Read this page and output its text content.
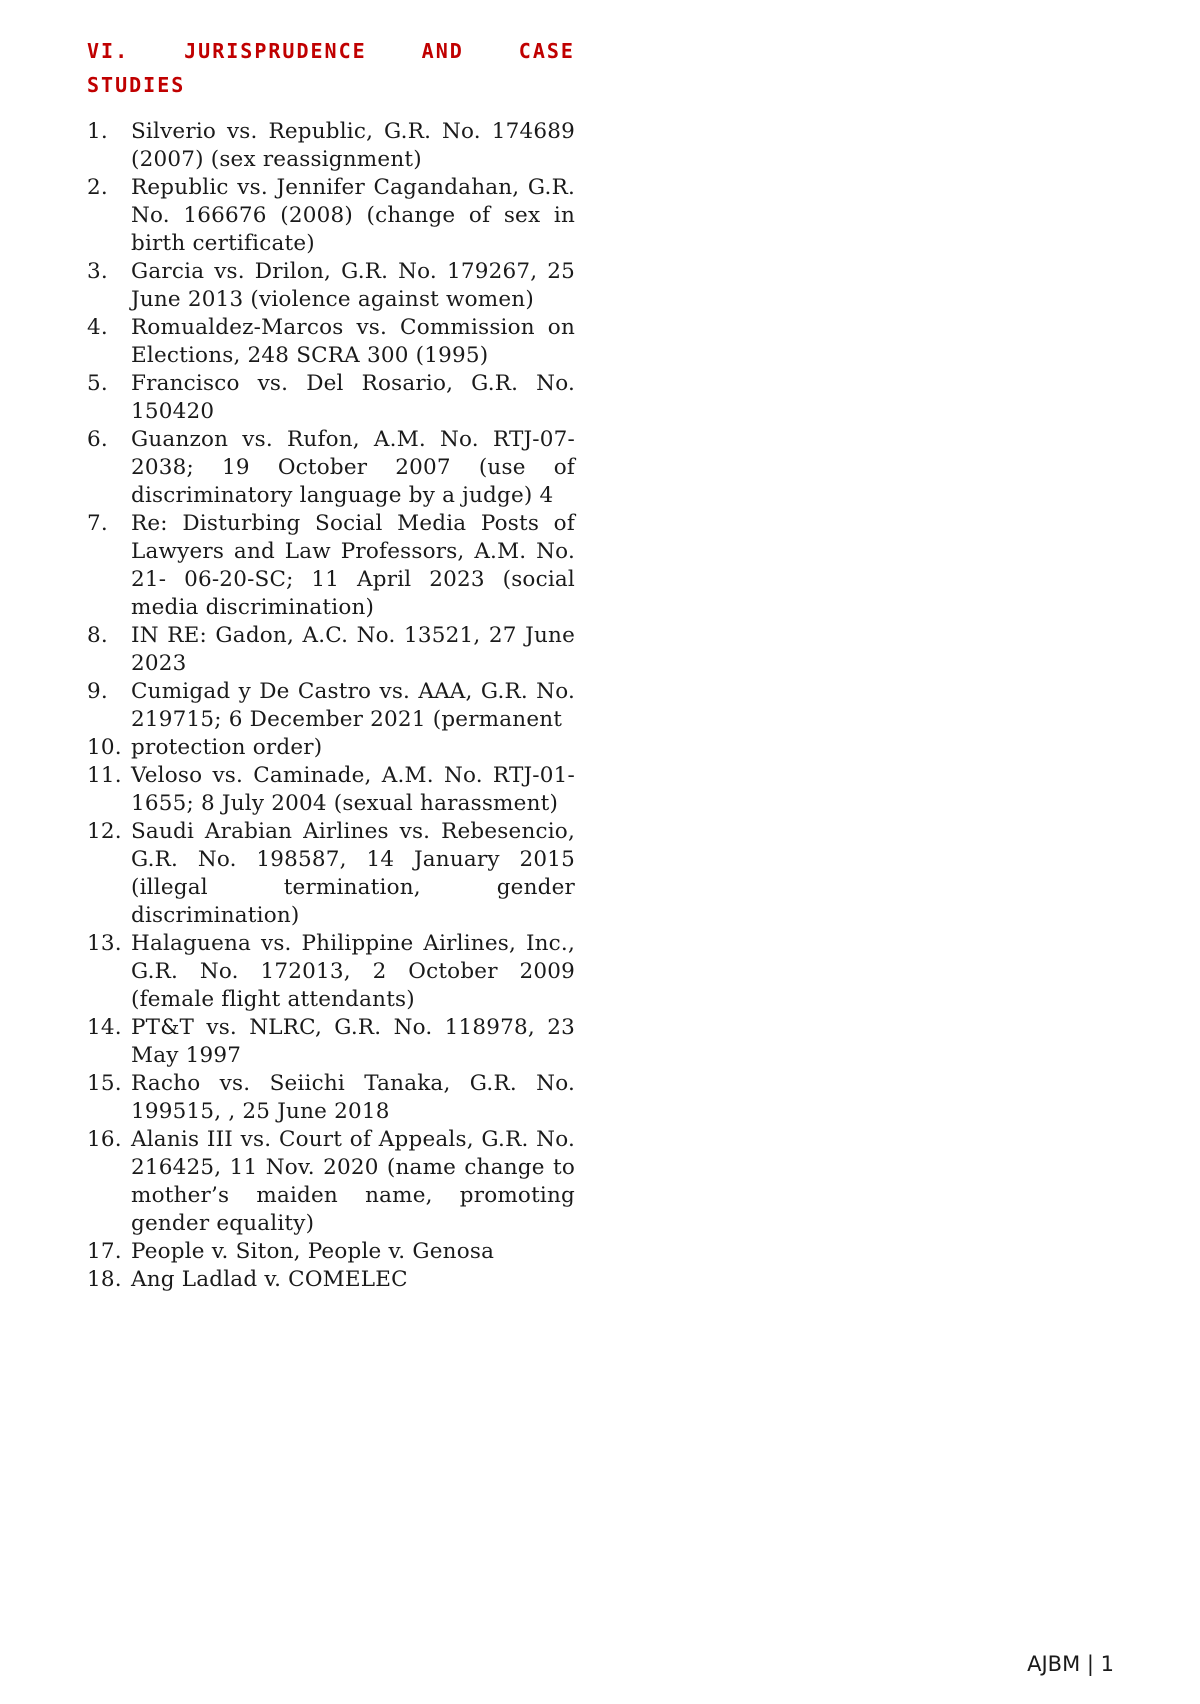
VI.	JURISPRUDENCE	AND	CASE
STUDIES
1.	Silverio vs. Republic, G.R. No. 174689 (2007) (sex reassignment)
2.	Republic vs. Jennifer Cagandahan, G.R. No. 166676 (2008) (change of sex in birth certificate)
3.	Garcia vs. Drilon, G.R. No. 179267, 25 June 2013 (violence against women)
4.	Romualdez-Marcos vs. Commission on Elections, 248 SCRA 300 (1995)
5.	Francisco vs. Del Rosario, G.R. No. 150420
6.	Guanzon vs. Rufon, A.M. No. RTJ-07-2038; 19 October 2007 (use of discriminatory language by a judge) 4
7.	Re: Disturbing Social Media Posts of Lawyers and Law Professors, A.M. No. 21- 06-20-SC; 11 April 2023 (social media discrimination)
8.	IN RE: Gadon, A.C. No. 13521, 27 June 2023
9.	Cumigad y De Castro vs. AAA, G.R. No. 219715; 6 December 2021 (permanent
10. protection order)
11. Veloso vs. Caminade, A.M. No. RTJ-01-1655; 8 July 2004 (sexual harassment)
12. Saudi Arabian Airlines vs. Rebesencio, G.R. No. 198587, 14 January 2015 (illegal termination, gender discrimination)
13. Halaguena vs. Philippine Airlines, Inc., G.R. No. 172013, 2 October 2009 (female flight attendants)
14. PT&T vs. NLRC, G.R. No. 118978, 23 May 1997
15. Racho vs. Seiichi Tanaka, G.R. No. 199515, , 25 June 2018
16. Alanis III vs. Court of Appeals, G.R. No. 216425, 11 Nov. 2020 (name change to mother’s maiden name, promoting gender equality)
17. People v. Siton, People v. Genosa
18. Ang Ladlad v. COMELEC
AJBM | 1
